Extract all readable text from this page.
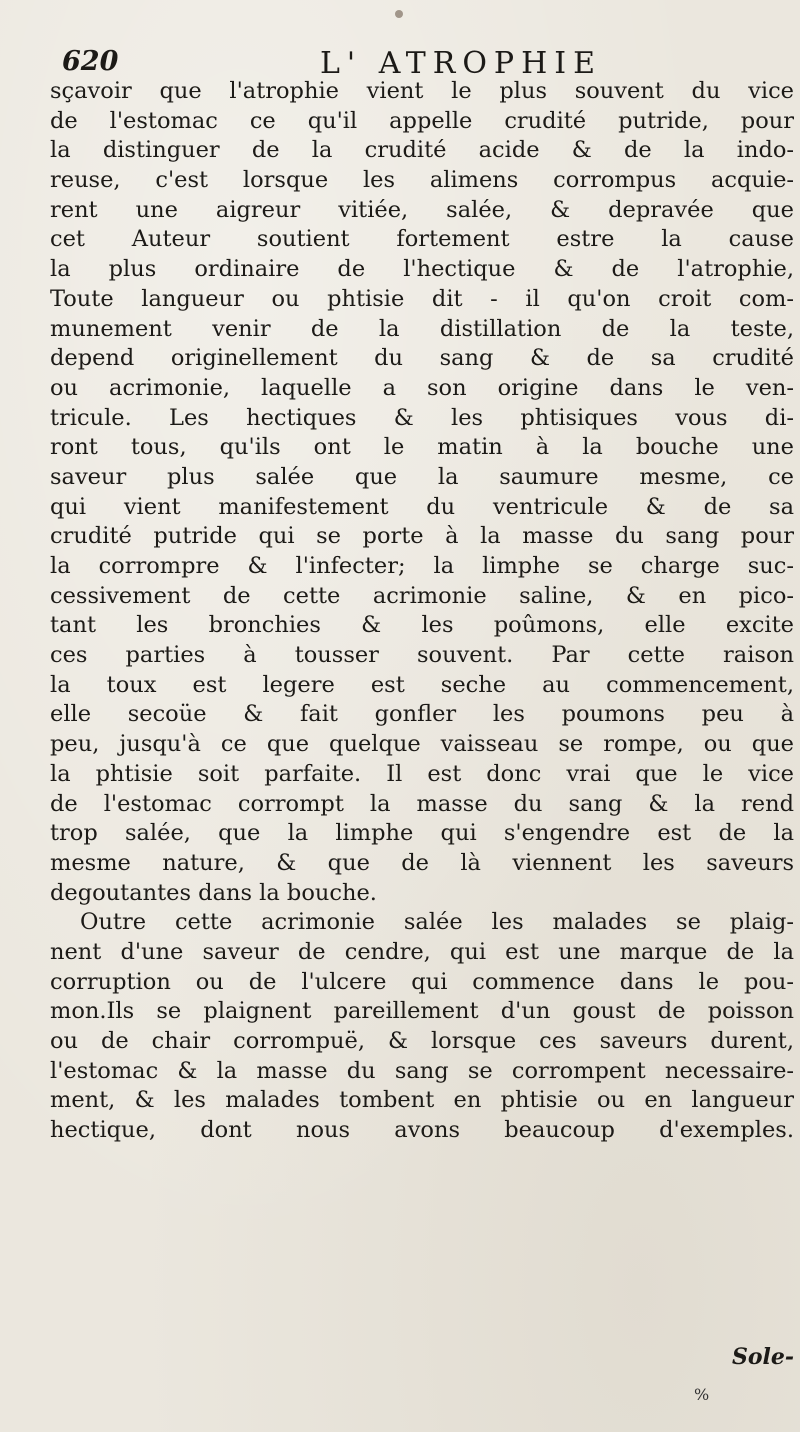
620	L' ATROPHIE
sçavoir que l'atrophie vient le plus souvent du vice
de l'estomac ce qu'il appelle crudité putride, pour
la distinguer de la crudité acide & de la indo-
reuse, c'est lorsque les alimens corrompus acquie-
rent une aigreur vitiée, salée, & depravée que
cet Auteur soutient fortement estre la cause
la plus ordinaire de l'hectique & de l'atrophie,
Toute langueur ou phtisie dit - il qu'on croit com-
munement venir de la distillation de la teste,
depend originellement du sang & de sa crudité
ou acrimonie, laquelle a son origine dans le ven-
tricule. Les hectiques & les phtisiques vous di-
ront tous, qu'ils ont le matin à la bouche une
saveur plus salée que la saumure mesme, ce
qui vient manifestement du ventricule & de sa
crudité putride qui se porte à la masse du sang pour
la corrompre & l'infecter; la limphe se charge suc-
cessivement de cette acrimonie saline, & en pico-
tant les bronchies & les poûmons, elle excite
ces parties à tousser souvent. Par cette raison
la toux est legere est seche au commencement,
elle secoüe & fait gonfler les poumons peu à
peu, jusqu'à ce que quelque vaisseau se rompe, ou que
la phtisie soit parfaite. Il est donc vrai que le vice
de l'estomac corrompt la masse du sang & la rend
trop salée, que la limphe qui s'engendre est de la
mesme nature, & que de là viennent les saveurs
degoutantes dans la bouche.
Outre cette acrimonie salée les malades se plaig-
nent d'une saveur de cendre, qui est une marque de la
corruption ou de l'ulcere qui commence dans le pou-
mon.Ils se plaignent pareillement d'un goust de poisson
ou de chair corrompuë, & lorsque ces saveurs durent,
l'estomac & la masse du sang se corrompent necessaire-
ment, & les malades tombent en phtisie ou en langueur
hectique, dont nous avons beaucoup d'exemples.
Sole-
%
